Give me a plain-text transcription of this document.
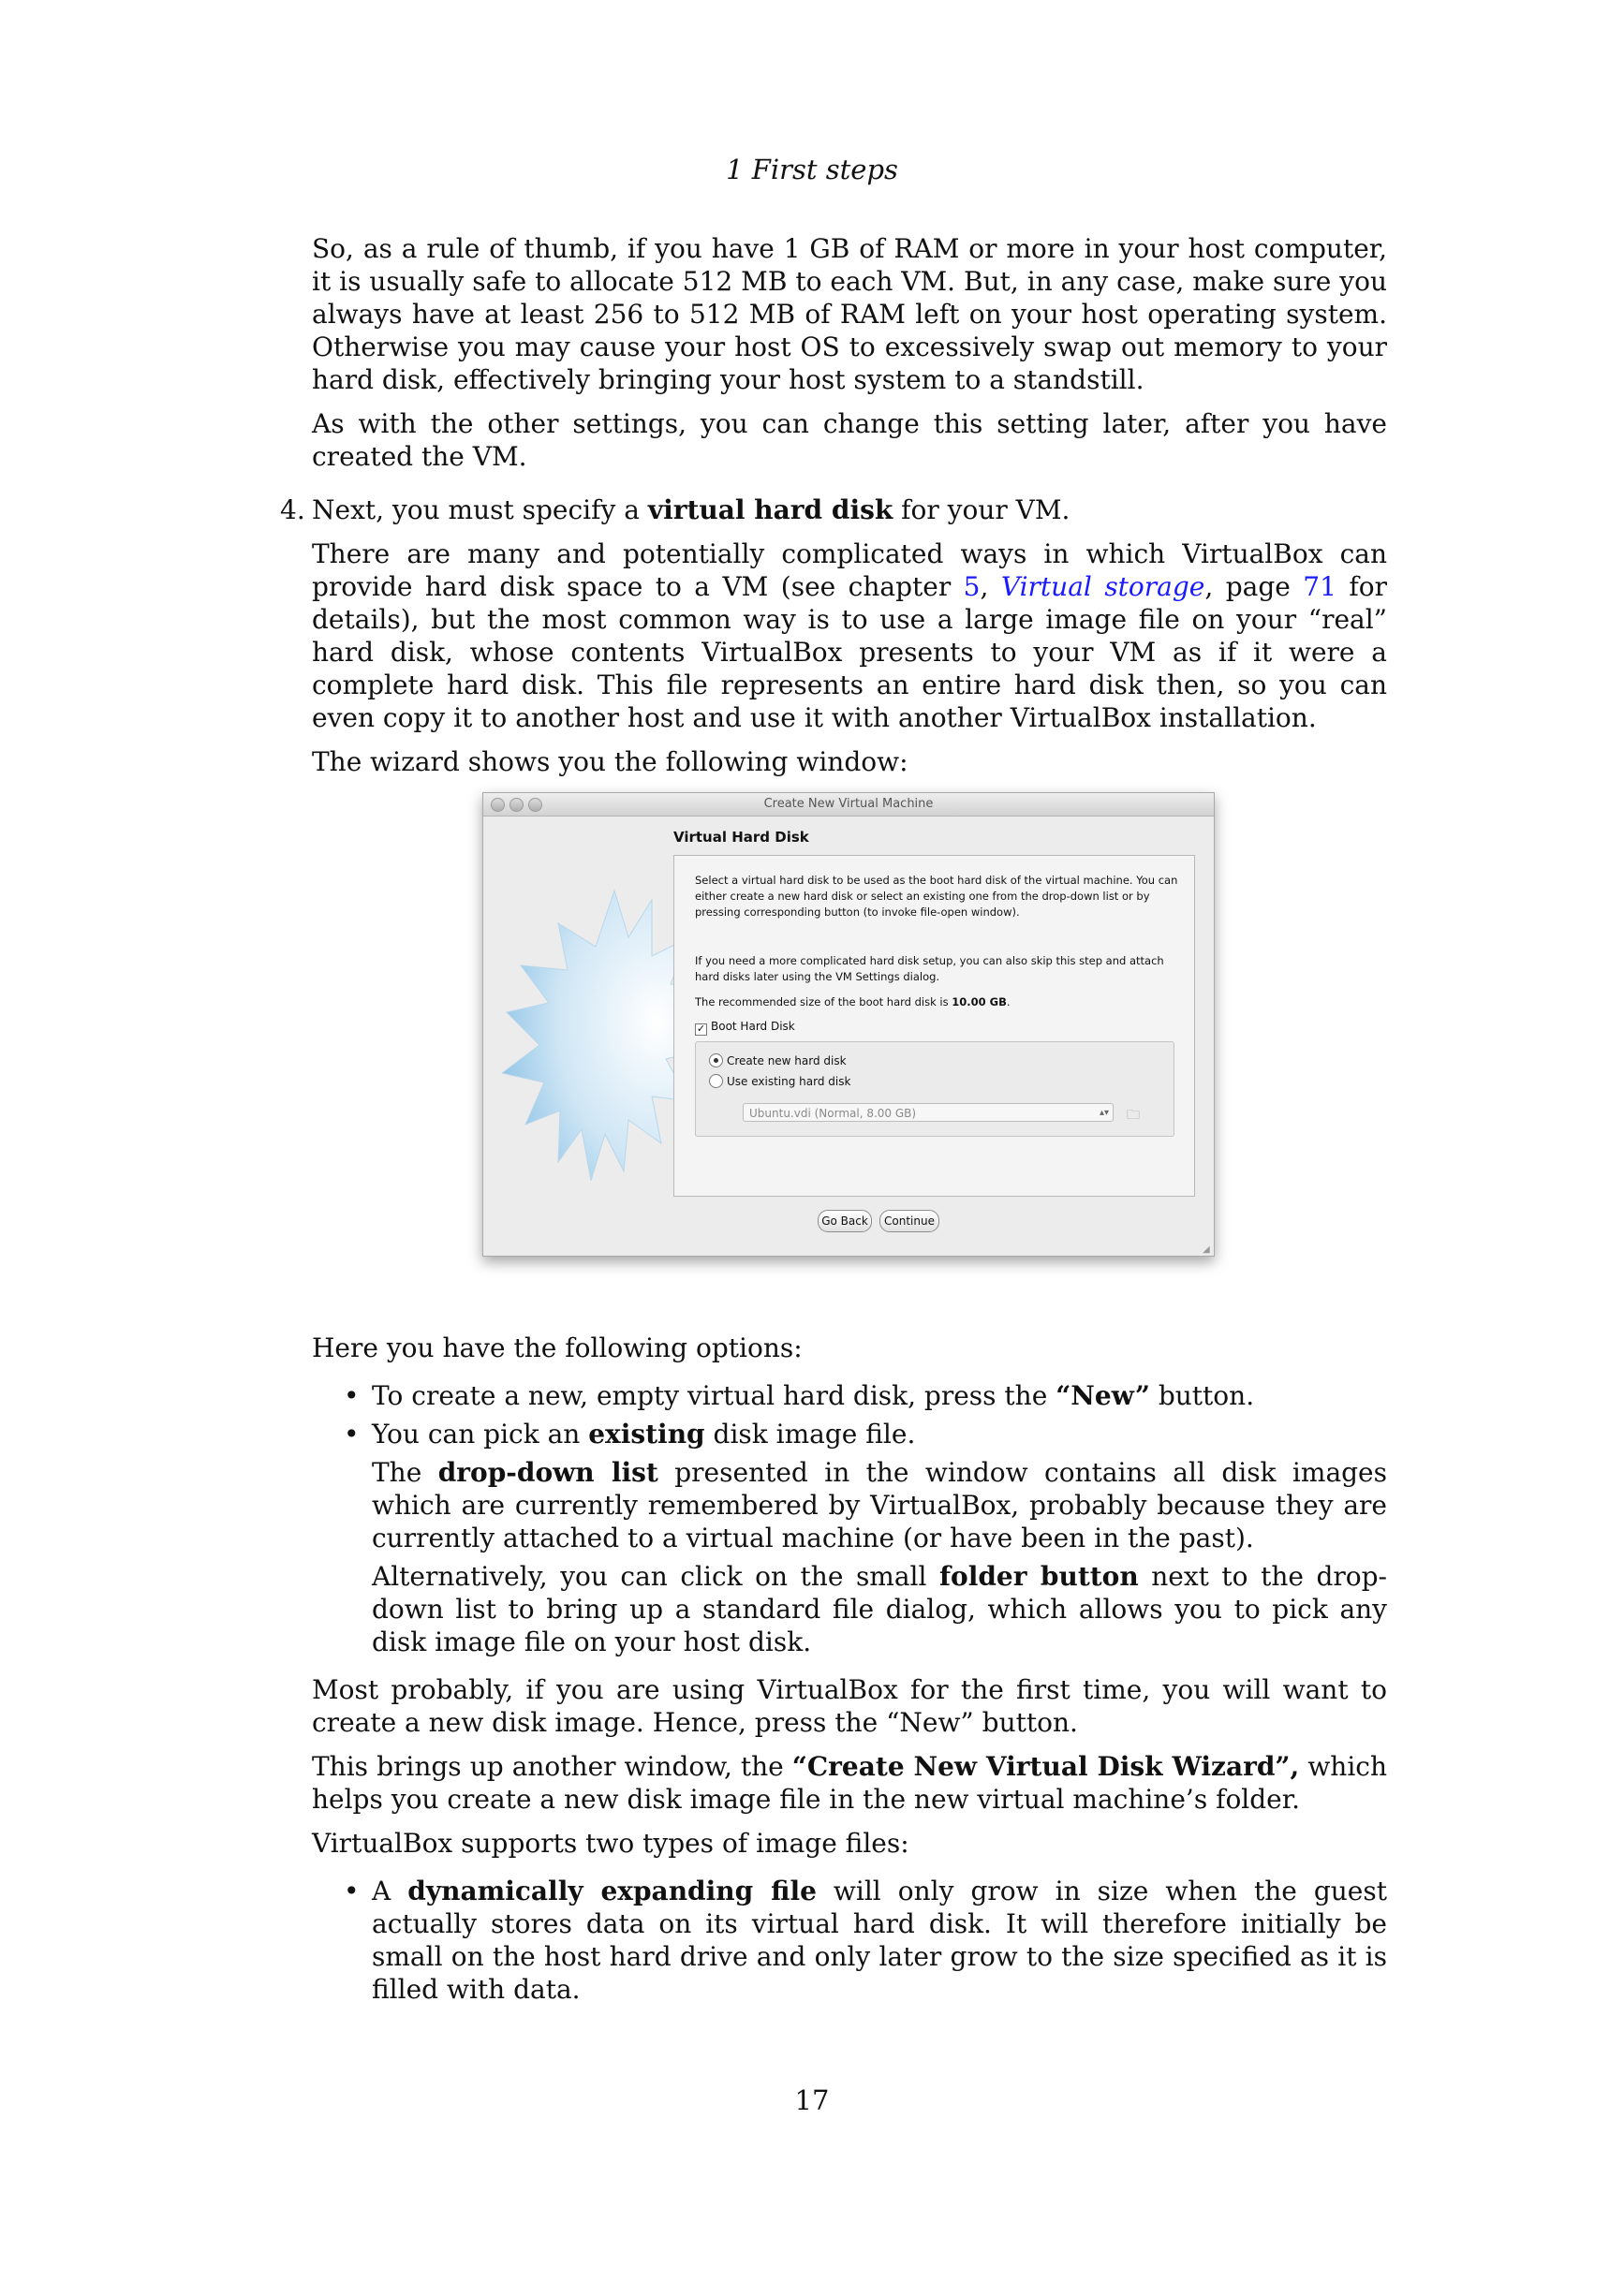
1 First steps

So, as a rule of thumb, if you have 1 GB of RAM or more in your host computer, it is usually safe to allocate 512 MB to each VM. But, in any case, make sure you always have at least 256 to 512 MB of RAM left on your host operating system. Otherwise you may cause your host OS to excessively swap out memory to your hard disk, effectively bringing your host system to a standstill.

As with the other settings, you can change this setting later, after you have created the VM.

4. Next, you must specify a virtual hard disk for your VM.

There are many and potentially complicated ways in which VirtualBox can provide hard disk space to a VM (see chapter 5, Virtual storage, page 71 for details), but the most common way is to use a large image file on your “real” hard disk, whose contents VirtualBox presents to your VM as if it were a complete hard disk. This file represents an entire hard disk then, so you can even copy it to another host and use it with another VirtualBox installation.

The wizard shows you the following window:

Create New Virtual Machine
Virtual Hard Disk
Select a virtual hard disk to be used as the boot hard disk of the virtual machine. You can either create a new hard disk or select an existing one from the drop-down list or by pressing corresponding button (to invoke file-open window).
If you need a more complicated hard disk setup, you can also skip this step and attach hard disks later using the VM Settings dialog.
The recommended size of the boot hard disk is 10.00 GB.
✓ Boot Hard Disk
Create new hard disk
Use existing hard disk
Ubuntu.vdi (Normal, 8.00 GB)	▴▾ 🗀
Go Back	Continue
◢

Here you have the following options:

• To create a new, empty virtual hard disk, press the “New” button.

• You can pick an existing disk image file.

The drop-down list presented in the window contains all disk images which are currently remembered by VirtualBox, probably because they are currently attached to a virtual machine (or have been in the past).

Alternatively, you can click on the small folder button next to the drop-down list to bring up a standard file dialog, which allows you to pick any disk image file on your host disk.

Most probably, if you are using VirtualBox for the first time, you will want to create a new disk image. Hence, press the “New” button.

This brings up another window, the “Create New Virtual Disk Wizard”, which helps you create a new disk image file in the new virtual machine’s folder.

VirtualBox supports two types of image files:

• A dynamically expanding file will only grow in size when the guest actually stores data on its virtual hard disk. It will therefore initially be small on the host hard drive and only later grow to the size specified as it is filled with data.

17
